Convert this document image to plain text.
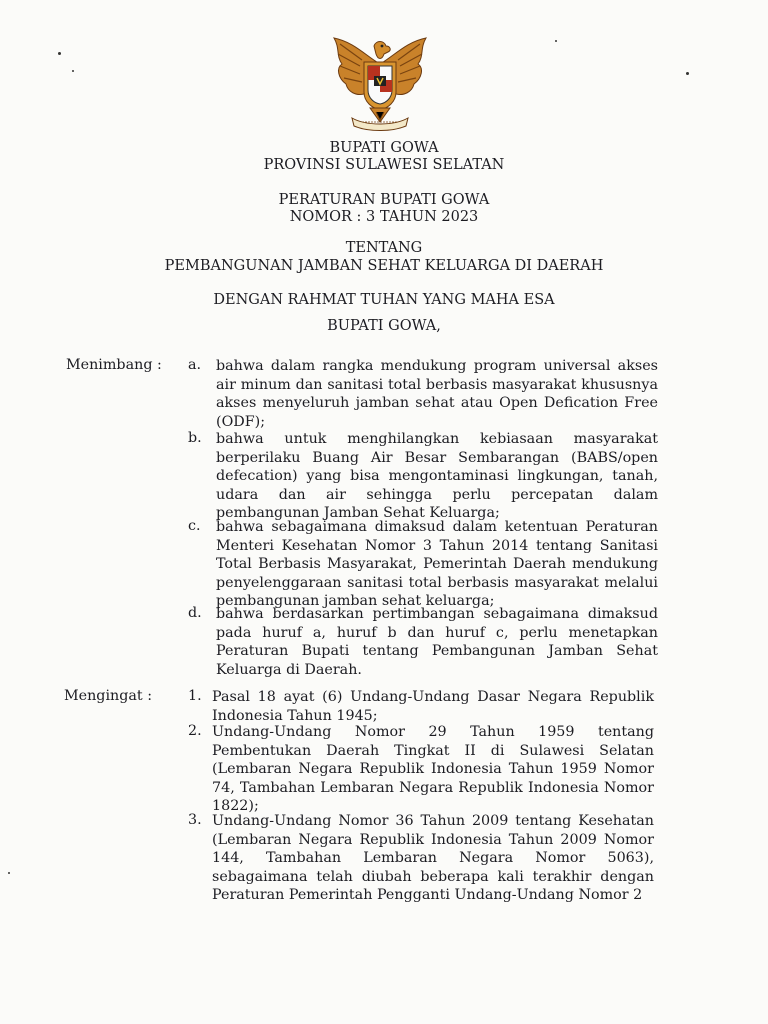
BUPATI GOWA
PROVINSI SULAWESI SELATAN
PERATURAN BUPATI GOWA
NOMOR : 3 TAHUN 2023
TENTANG
PEMBANGUNAN JAMBAN SEHAT KELUARGA DI DAERAH
DENGAN RAHMAT TUHAN YANG MAHA ESA
BUPATI GOWA,
Menimbang : a. bahwa dalam rangka mendukung program universal akses air minum dan sanitasi total berbasis masyarakat khususnya akses menyeluruh jamban sehat atau Open Defication Free (ODF);
b. bahwa untuk menghilangkan kebiasaan masyarakat berperilaku Buang Air Besar Sembarangan (BABS/open defecation) yang bisa mengontaminasi lingkungan, tanah, udara dan air sehingga perlu percepatan dalam pembangunan Jamban Sehat Keluarga;
c. bahwa sebagaimana dimaksud dalam ketentuan Peraturan Menteri Kesehatan Nomor 3 Tahun 2014 tentang Sanitasi Total Berbasis Masyarakat, Pemerintah Daerah mendukung penyelenggaraan sanitasi total berbasis masyarakat melalui pembangunan jamban sehat keluarga;
d. bahwa berdasarkan pertimbangan sebagaimana dimaksud pada huruf a, huruf b dan huruf c, perlu menetapkan Peraturan Bupati tentang Pembangunan Jamban Sehat Keluarga di Daerah.
Mengingat :	1. Pasal 18 ayat (6) Undang-Undang Dasar Negara Republik Indonesia Tahun 1945;
2. Undang-Undang Nomor 29 Tahun 1959 tentang Pembentukan Daerah Tingkat II di Sulawesi Selatan (Lembaran Negara Republik Indonesia Tahun 1959 Nomor 74, Tambahan Lembaran Negara Republik Indonesia Nomor 1822);
3. Undang-Undang Nomor 36 Tahun 2009 tentang Kesehatan (Lembaran Negara Republik Indonesia Tahun 2009 Nomor 144, Tambahan Lembaran Negara Nomor 5063), sebagaimana telah diubah beberapa kali terakhir dengan Peraturan Pemerintah Pengganti Undang-Undang Nomor 2
